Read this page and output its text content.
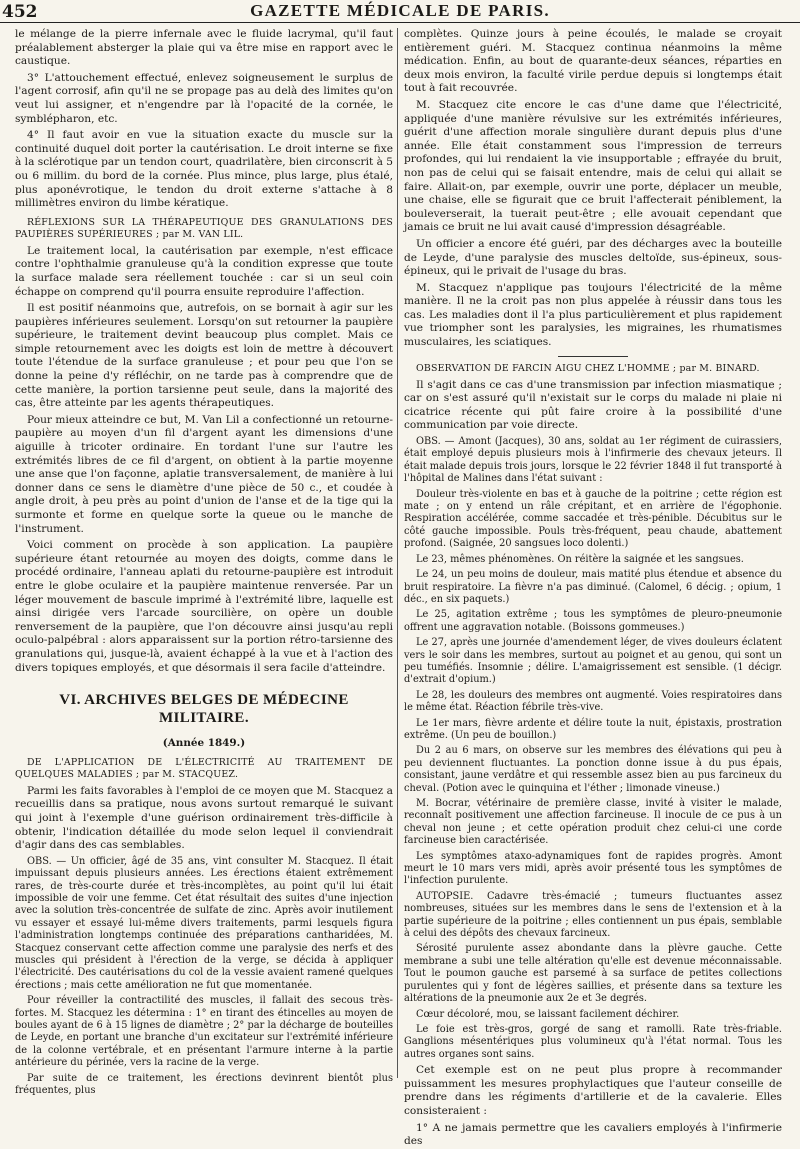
452	GAZETTE MÉDICALE DE PARIS.

le mélange de la pierre infernale avec le fluide lacrymal, qu'il faut préalablement absterger la plaie qui va être mise en rapport avec le caustique.

3° L'attouchement effectué, enlevez soigneusement le surplus de l'agent corrosif, afin qu'il ne se propage pas au delà des limites qu'on veut lui assigner, et n'engendre par là l'opacité de la cornée, le symblépharon, etc.

4° Il faut avoir en vue la situation exacte du muscle sur la continuité duquel doit porter la cautérisation. Le droit interne se fixe à la sclérotique par un tendon court, quadrilatère, bien circonscrit à 5 ou 6 millim. du bord de la cornée. Plus mince, plus large, plus étalé, plus aponévrotique, le tendon du droit externe s'attache à 8 millimètres environ du limbe kératique.

RÉFLEXIONS SUR LA THÉRAPEUTIQUE DES GRANULATIONS DES PAUPIÈRES SUPÉRIEURES ; par M. VAN LIL.

Le traitement local, la cautérisation par exemple, n'est efficace contre l'ophthalmie granuleuse qu'à la condition expresse que toute la surface malade sera réellement touchée : car si un seul coin échappe on comprend qu'il pourra ensuite reproduire l'affection.

Il est positif néanmoins que, autrefois, on se bornait à agir sur les paupières inférieures seulement. Lorsqu'on sut retourner la paupière supérieure, le traitement devint beaucoup plus complet. Mais ce simple retournement avec les doigts est loin de mettre à découvert toute l'étendue de la surface granuleuse ; et pour peu que l'on se donne la peine d'y réfléchir, on ne tarde pas à comprendre que de cette manière, la portion tarsienne peut seule, dans la majorité des cas, être atteinte par les agents thérapeutiques.

Pour mieux atteindre ce but, M. Van Lil a confectionné un retourne-paupière au moyen d'un fil d'argent ayant les dimensions d'une aiguille à tricoter ordinaire. En tordant l'une sur l'autre les extrémités libres de ce fil d'argent, on obtient à la partie moyenne une anse que l'on façonne, aplatie transversalement, de manière à lui donner dans ce sens le diamètre d'une pièce de 50 c., et coudée à angle droit, à peu près au point d'union de l'anse et de la tige qui la surmonte et forme en quelque sorte la queue ou le manche de l'instrument.

Voici comment on procède à son application. La paupière supérieure étant retournée au moyen des doigts, comme dans le procédé ordinaire, l'anneau aplati du retourne-paupière est introduit entre le globe oculaire et la paupière maintenue renversée. Par un léger mouvement de bascule imprimé à l'extrémité libre, laquelle est ainsi dirigée vers l'arcade sourcilière, on opère un double renversement de la paupière, que l'on découvre ainsi jusqu'au repli oculo-palpébral : alors apparaissent sur la portion rétro-tarsienne des granulations qui, jusque-là, avaient échappé à la vue et à l'action des divers topiques employés, et que désormais il sera facile d'atteindre.

VI. ARCHIVES BELGES DE MÉDECINE MILITAIRE.
(Année 1849.)
DE L'APPLICATION DE L'ÉLECTRICITÉ AU TRAITEMENT DE QUELQUES MALADIES ; par M. STACQUEZ.

Parmi les faits favorables à l'emploi de ce moyen que M. Stacquez a recueillis dans sa pratique, nous avons surtout remarqué le suivant qui joint à l'exemple d'une guérison ordinairement très-difficile à obtenir, l'indication détaillée du mode selon lequel il conviendrait d'agir dans des cas semblables.

OBS. — Un officier, âgé de 35 ans, vint consulter M. Stacquez. Il était impuissant depuis plusieurs années. Les érections étaient extrêmement rares, de très-courte durée et très-incomplètes, au point qu'il lui était impossible de voir une femme. Cet état résultait des suites d'une injection avec la solution très-concentrée de sulfate de zinc. Après avoir inutilement vu essayer et essayé lui-même divers traitements, parmi lesquels figura l'administration longtemps continuée des préparations cantharidées, M. Stacquez conservant cette affection comme une paralysie des nerfs et des muscles qui président à l'érection de la verge, se décida à appliquer l'électricité. Des cautérisations du col de la vessie avaient ramené quelques érections ; mais cette amélioration ne fut que momentanée.

Pour réveiller la contractilité des muscles, il fallait des secous très-fortes. M. Stacquez les détermina : 1° en tirant des étincelles au moyen de boules ayant de 6 à 15 lignes de diamètre ; 2° par la décharge de bouteilles de Leyde, en portant une branche d'un excitateur sur l'extrémité inférieure de la colonne vertébrale, et en présentant l'armure interne à la partie antérieure du périnée, vers la racine de la verge.

Par suite de ce traitement, les érections devinrent bientôt plus fréquentes, plus

complètes. Quinze jours à peine écoulés, le malade se croyait entièrement guéri. M. Stacquez continua néanmoins la même médication. Enfin, au bout de quarante-deux séances, réparties en deux mois environ, la faculté virile perdue depuis si longtemps était tout à fait recouvrée.

M. Stacquez cite encore le cas d'une dame que l'électricité, appliquée d'une manière révulsive sur les extrémités inférieures, guérit d'une affection morale singulière durant depuis plus d'une année. Elle était constamment sous l'impression de terreurs profondes, qui lui rendaient la vie insupportable ; effrayée du bruit, non pas de celui qui se faisait entendre, mais de celui qui allait se faire. Allait-on, par exemple, ouvrir une porte, déplacer un meuble, une chaise, elle se figurait que ce bruit l'affecterait péniblement, la bouleverserait, la tuerait peut-être ; elle avouait cependant que jamais ce bruit ne lui avait causé d'impression désagréable.

Un officier a encore été guéri, par des décharges avec la bouteille de Leyde, d'une paralysie des muscles deltoïde, sus-épineux, sous-épineux, qui le privait de l'usage du bras.

M. Stacquez n'applique pas toujours l'électricité de la même manière. Il ne la croit pas non plus appelée à réussir dans tous les cas. Les maladies dont il l'a plus particulièrement et plus rapidement vue triompher sont les paralysies, les migraines, les rhumatismes musculaires, les sciatiques.

OBSERVATION DE FARCIN AIGU CHEZ L'HOMME ; par M. BINARD.

Il s'agit dans ce cas d'une transmission par infection miasmatique ; car on s'est assuré qu'il n'existait sur le corps du malade ni plaie ni cicatrice récente qui pût faire croire à la possibilité d'une communication par voie directe.

OBS. — Amont (Jacques), 30 ans, soldat au 1er régiment de cuirassiers, était employé depuis plusieurs mois à l'infirmerie des chevaux jeteurs. Il était malade depuis trois jours, lorsque le 22 février 1848 il fut transporté à l'hôpital de Malines dans l'état suivant :

Douleur très-violente en bas et à gauche de la poitrine ; cette région est mate ; on y entend un râle crépitant, et en arrière de l'égophonie. Respiration accélérée, comme saccadée et très-pénible. Décubitus sur le côté gauche impossible. Pouls très-fréquent, peau chaude, abattement profond. (Saignée, 20 sangsues loco dolenti.)

Le 23, mêmes phénomènes. On réitère la saignée et les sangsues.

Le 24, un peu moins de douleur, mais matité plus étendue et absence du bruit respiratoire. La fièvre n'a pas diminué. (Calomel, 6 décig. ; opium, 1 déc., en six paquets.)

Le 25, agitation extrême ; tous les symptômes de pleuro-pneumonie offrent une aggravation notable. (Boissons gommeuses.)

Le 27, après une journée d'amendement léger, de vives douleurs éclatent vers le soir dans les membres, surtout au poignet et au genou, qui sont un peu tuméfiés. Insomnie ; délire. L'amaigrissement est sensible. (1 décigr. d'extrait d'opium.)

Le 28, les douleurs des membres ont augmenté. Voies respiratoires dans le même état. Réaction fébrile très-vive.

Le 1er mars, fièvre ardente et délire toute la nuit, épistaxis, prostration extrême. (Un peu de bouillon.)

Du 2 au 6 mars, on observe sur les membres des élévations qui peu à peu deviennent fluctuantes. La ponction donne issue à du pus épais, consistant, jaune verdâtre et qui ressemble assez bien au pus farcineux du cheval. (Potion avec le quinquina et l'éther ; limonade vineuse.)

M. Bocrar, vétérinaire de première classe, invité à visiter le malade, reconnaît positivement une affection farcineuse. Il inocule de ce pus à un cheval non jeune ; et cette opération produit chez celui-ci une corde farcineuse bien caractérisée.

Les symptômes ataxo-adynamiques font de rapides progrès. Amont meurt le 10 mars vers midi, après avoir présenté tous les symptômes de l'infection purulente.

AUTOPSIE. Cadavre très-émacié ; tumeurs fluctuantes assez nombreuses, situées sur les membres dans le sens de l'extension et à la partie supérieure de la poitrine ; elles contiennent un pus épais, semblable à celui des dépôts des chevaux farcineux.

Sérosité purulente assez abondante dans la plèvre gauche. Cette membrane a subi une telle altération qu'elle est devenue méconnaissable. Tout le poumon gauche est parsemé à sa surface de petites collections purulentes qui y font de légères saillies, et présente dans sa texture les altérations de la pneumonie aux 2e et 3e degrés.

Cœur décoloré, mou, se laissant facilement déchirer.

Le foie est très-gros, gorgé de sang et ramolli. Rate très-friable. Ganglions mésentériques plus volumineux qu'à l'état normal. Tous les autres organes sont sains.

Cet exemple est on ne peut plus propre à recommander puissamment les mesures prophylactiques que l'auteur conseille de prendre dans les régiments d'artillerie et de la cavalerie. Elles consisteraient :

1° A ne jamais permettre que les cavaliers employés à l'infirmerie des
